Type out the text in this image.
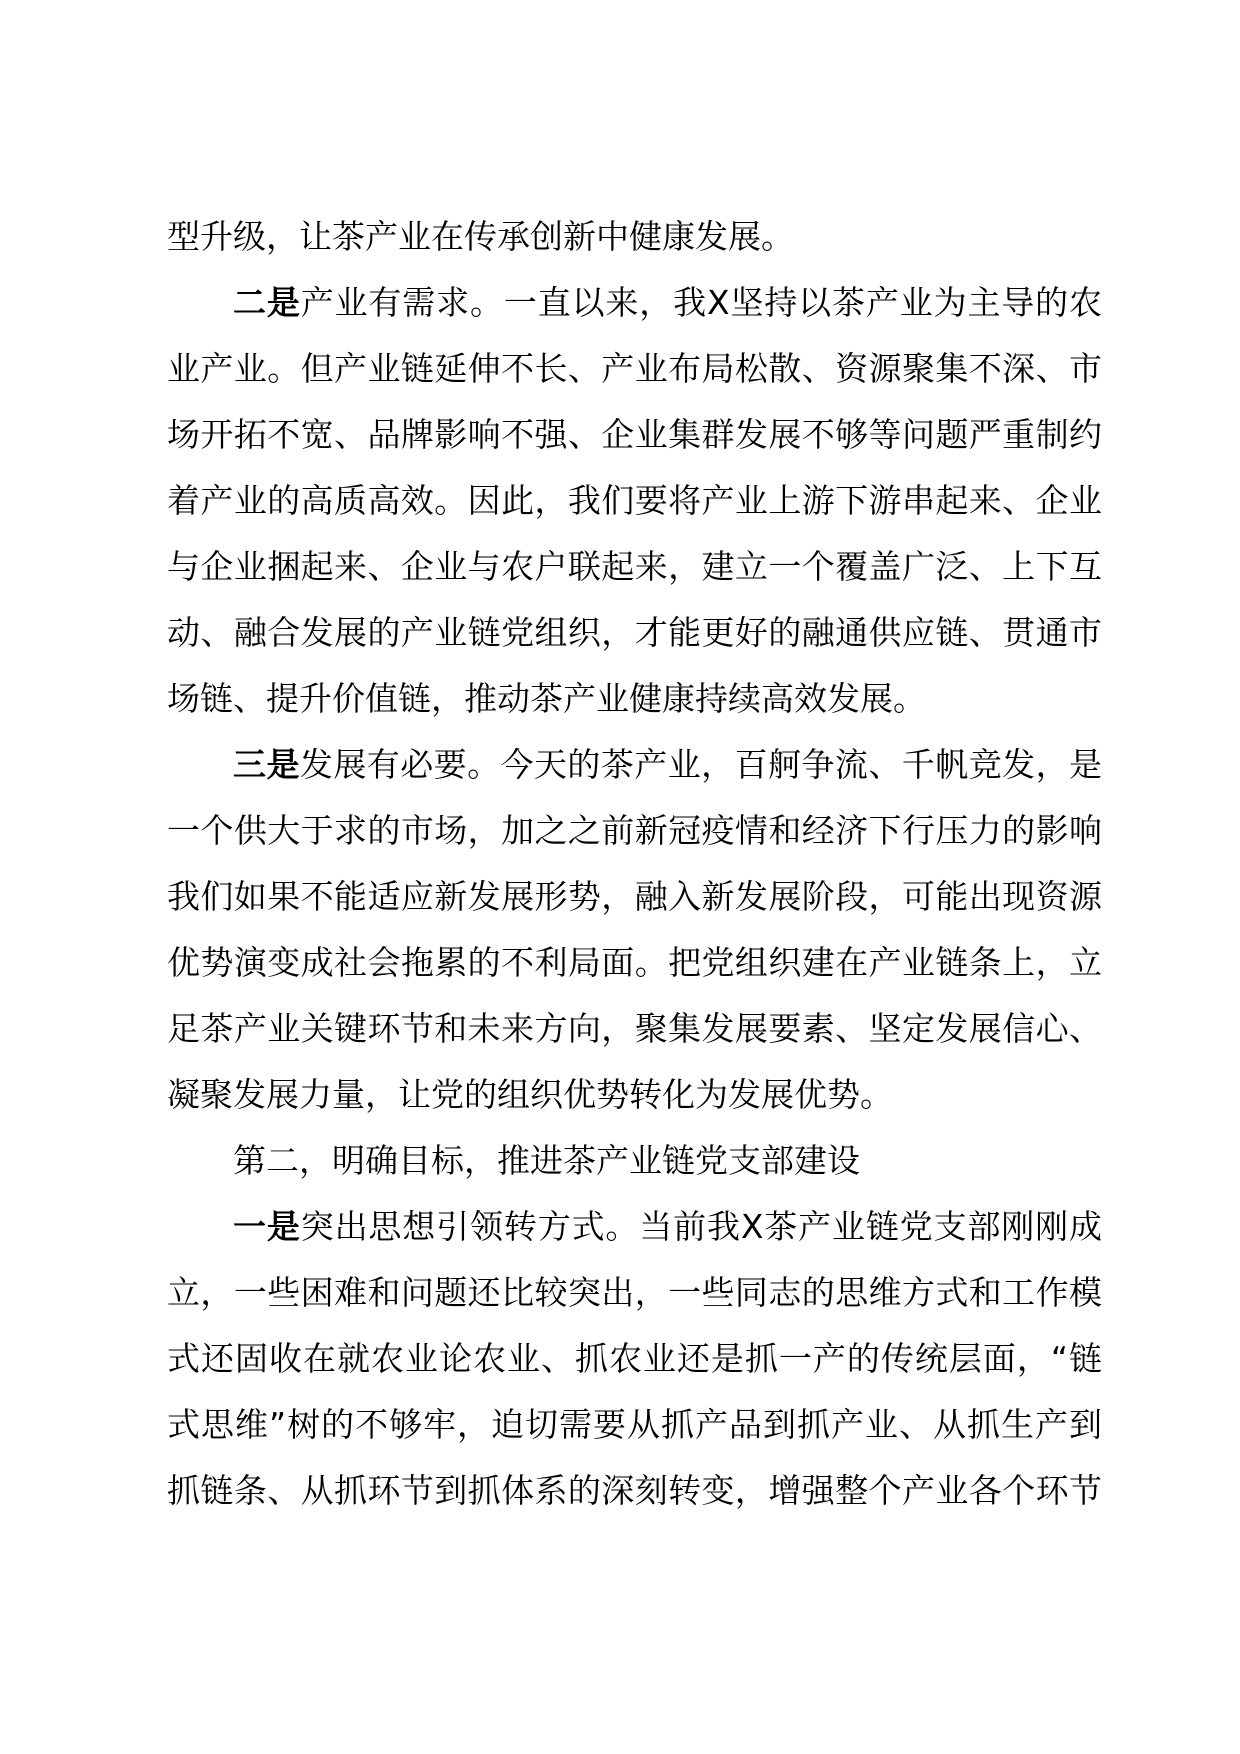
型升级，让茶产业在传承创新中健康发展。
二是产业有需求。一直以来，我X坚持以茶产业为主导的农
业产业。但产业链延伸不长、产业布局松散、资源聚集不深、市
场开拓不宽、品牌影响不强、企业集群发展不够等问题严重制约
着产业的高质高效。因此，我们要将产业上游下游串起来、企业
与企业捆起来、企业与农户联起来，建立一个覆盖广泛、上下互
动、融合发展的产业链党组织，才能更好的融通供应链、贯通市
场链、提升价值链，推动茶产业健康持续高效发展。
三是发展有必要。今天的茶产业，百舸争流、千帆竞发，是
一个供大于求的市场，加之之前新冠疫情和经济下行压力的影响
我们如果不能适应新发展形势，融入新发展阶段，可能出现资源
优势演变成社会拖累的不利局面。把党组织建在产业链条上，立
足茶产业关键环节和未来方向，聚集发展要素、坚定发展信心、
凝聚发展力量，让党的组织优势转化为发展优势。
第二，明确目标，推进茶产业链党支部建设
一是突出思想引领转方式。当前我X茶产业链党支部刚刚成
立，一些困难和问题还比较突出，一些同志的思维方式和工作模
式还固收在就农业论农业、抓农业还是抓一产的传统层面，“链
式思维”树的不够牢，迫切需要从抓产品到抓产业、从抓生产到
抓链条、从抓环节到抓体系的深刻转变，增强整个产业各个环节
